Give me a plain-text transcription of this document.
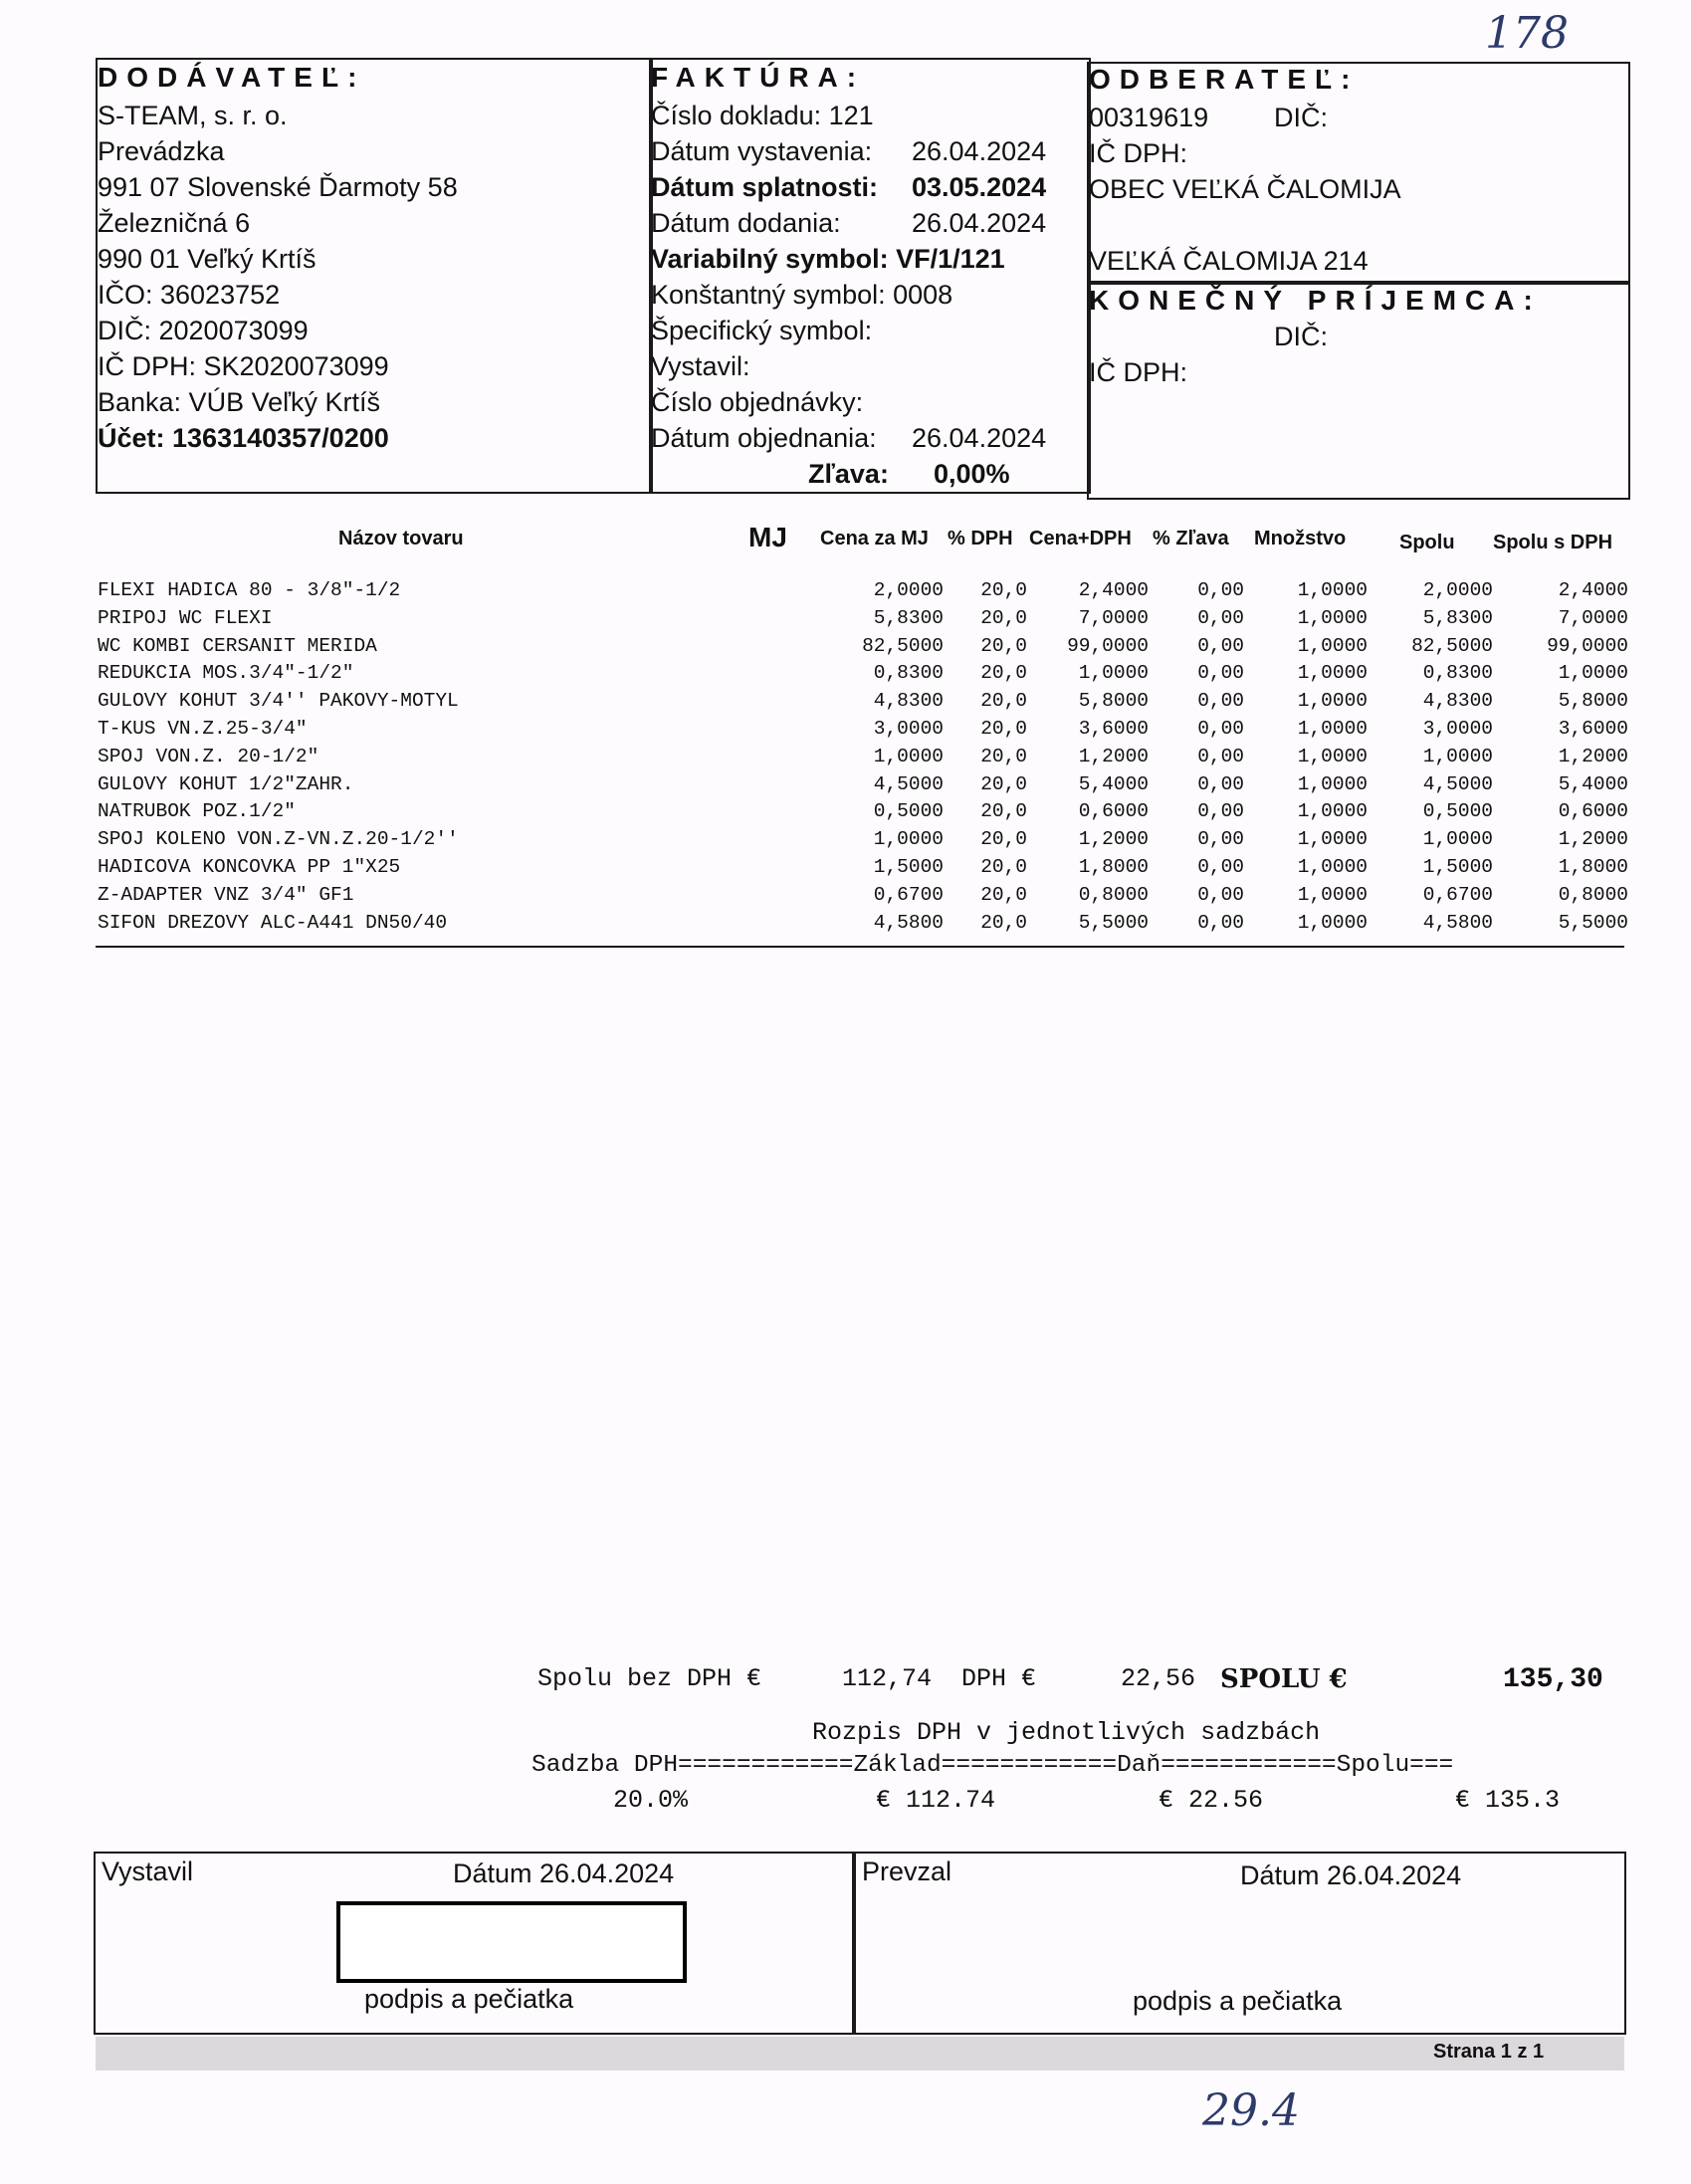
178
29.4
DODÁVATEĽ:
S-TEAM, s. r. o.
Prevádzka
991 07 Slovenské Ďarmoty 58
Železničná 6
990 01 Veľký Krtíš
IČO: 36023752
DIČ: 2020073099
IČ DPH: SK2020073099
Banka: VÚB Veľký Krtíš
Účet: 1363140357/0200
FAKTÚRA:
Číslo dokladu: 121
Dátum vystavenia: 26.04.2024
Dátum splatnosti: 03.05.2024
Dátum dodania:	26.04.2024
Variabilný symbol: VF/1/121
Konštantný symbol: 0008
Špecifický symbol:
Vystavil:
Číslo objednávky:
Dátum objednania: 26.04.2024
Zľava: 0,00%
ODBERATEĽ:
00319619 DIČ:
IČ DPH:
OBEC VEĽKÁ ČALOMIJA
VEĽKÁ ČALOMIJA 214
KONEČNÝ PRÍJEMCA:
DIČ:
IČ DPH:
Názov tovaru	MJ Cena za MJ % DPH Cena+DPH % Zľava Množstvo	Spolu Spolu s DPH
FLEXI HADICA 80 - 3/8"-1/2	2,0000 20,0	2,4000	0,00	1,0000	2,0000	2,4000
PRIPOJ WC FLEXI	5,8300 20,0	7,0000	0,00	1,0000	5,8300	7,0000
WC KOMBI CERSANIT MERIDA	82,5000 20,0 99,0000	0,00	1,0000 82,5000	99,0000
REDUKCIA MOS.3/4"-1/2"	0,8300 20,0	1,0000	0,00	1,0000	0,8300	1,0000
GULOVY KOHUT 3/4'' PAKOVY-MOTYL	4,8300 20,0	5,8000	0,00	1,0000	4,8300	5,8000
T-KUS VN.Z.25-3/4"	3,0000 20,0	3,6000	0,00	1,0000	3,0000	3,6000
SPOJ VON.Z. 20-1/2"	1,0000 20,0	1,2000	0,00	1,0000	1,0000	1,2000
GULOVY KOHUT 1/2"ZAHR.	4,5000 20,0	5,4000	0,00	1,0000	4,5000	5,4000
NATRUBOK POZ.1/2"	0,5000 20,0	0,6000	0,00	1,0000	0,5000	0,6000
SPOJ KOLENO VON.Z-VN.Z.20-1/2''	1,0000 20,0	1,2000	0,00	1,0000	1,0000	1,2000
HADICOVA KONCOVKA PP 1"X25	1,5000 20,0	1,8000	0,00	1,0000	1,5000	1,8000
Z-ADAPTER VNZ 3/4" GF1	0,6700 20,0	0,8000	0,00	1,0000	0,6700	0,8000
SIFON DREZOVY ALC-A441 DN50/40	4,5800 20,0	5,5000	0,00	1,0000	4,5800	5,5000
Spolu bez DPH €	112,74 DPH €	22,56 SPOLU €	135,30
Rozpis DPH v jednotlivých sadzbách
Sadzba DPH============Základ============Daň============Spolu===
20.0%	€ 112.74	€ 22.56	€ 135.3
Vystavil	Dátum 26.04.2024
podpis a pečiatka
Prevzal	Dátum 26.04.2024
podpis a pečiatka
Strana 1 z 1
